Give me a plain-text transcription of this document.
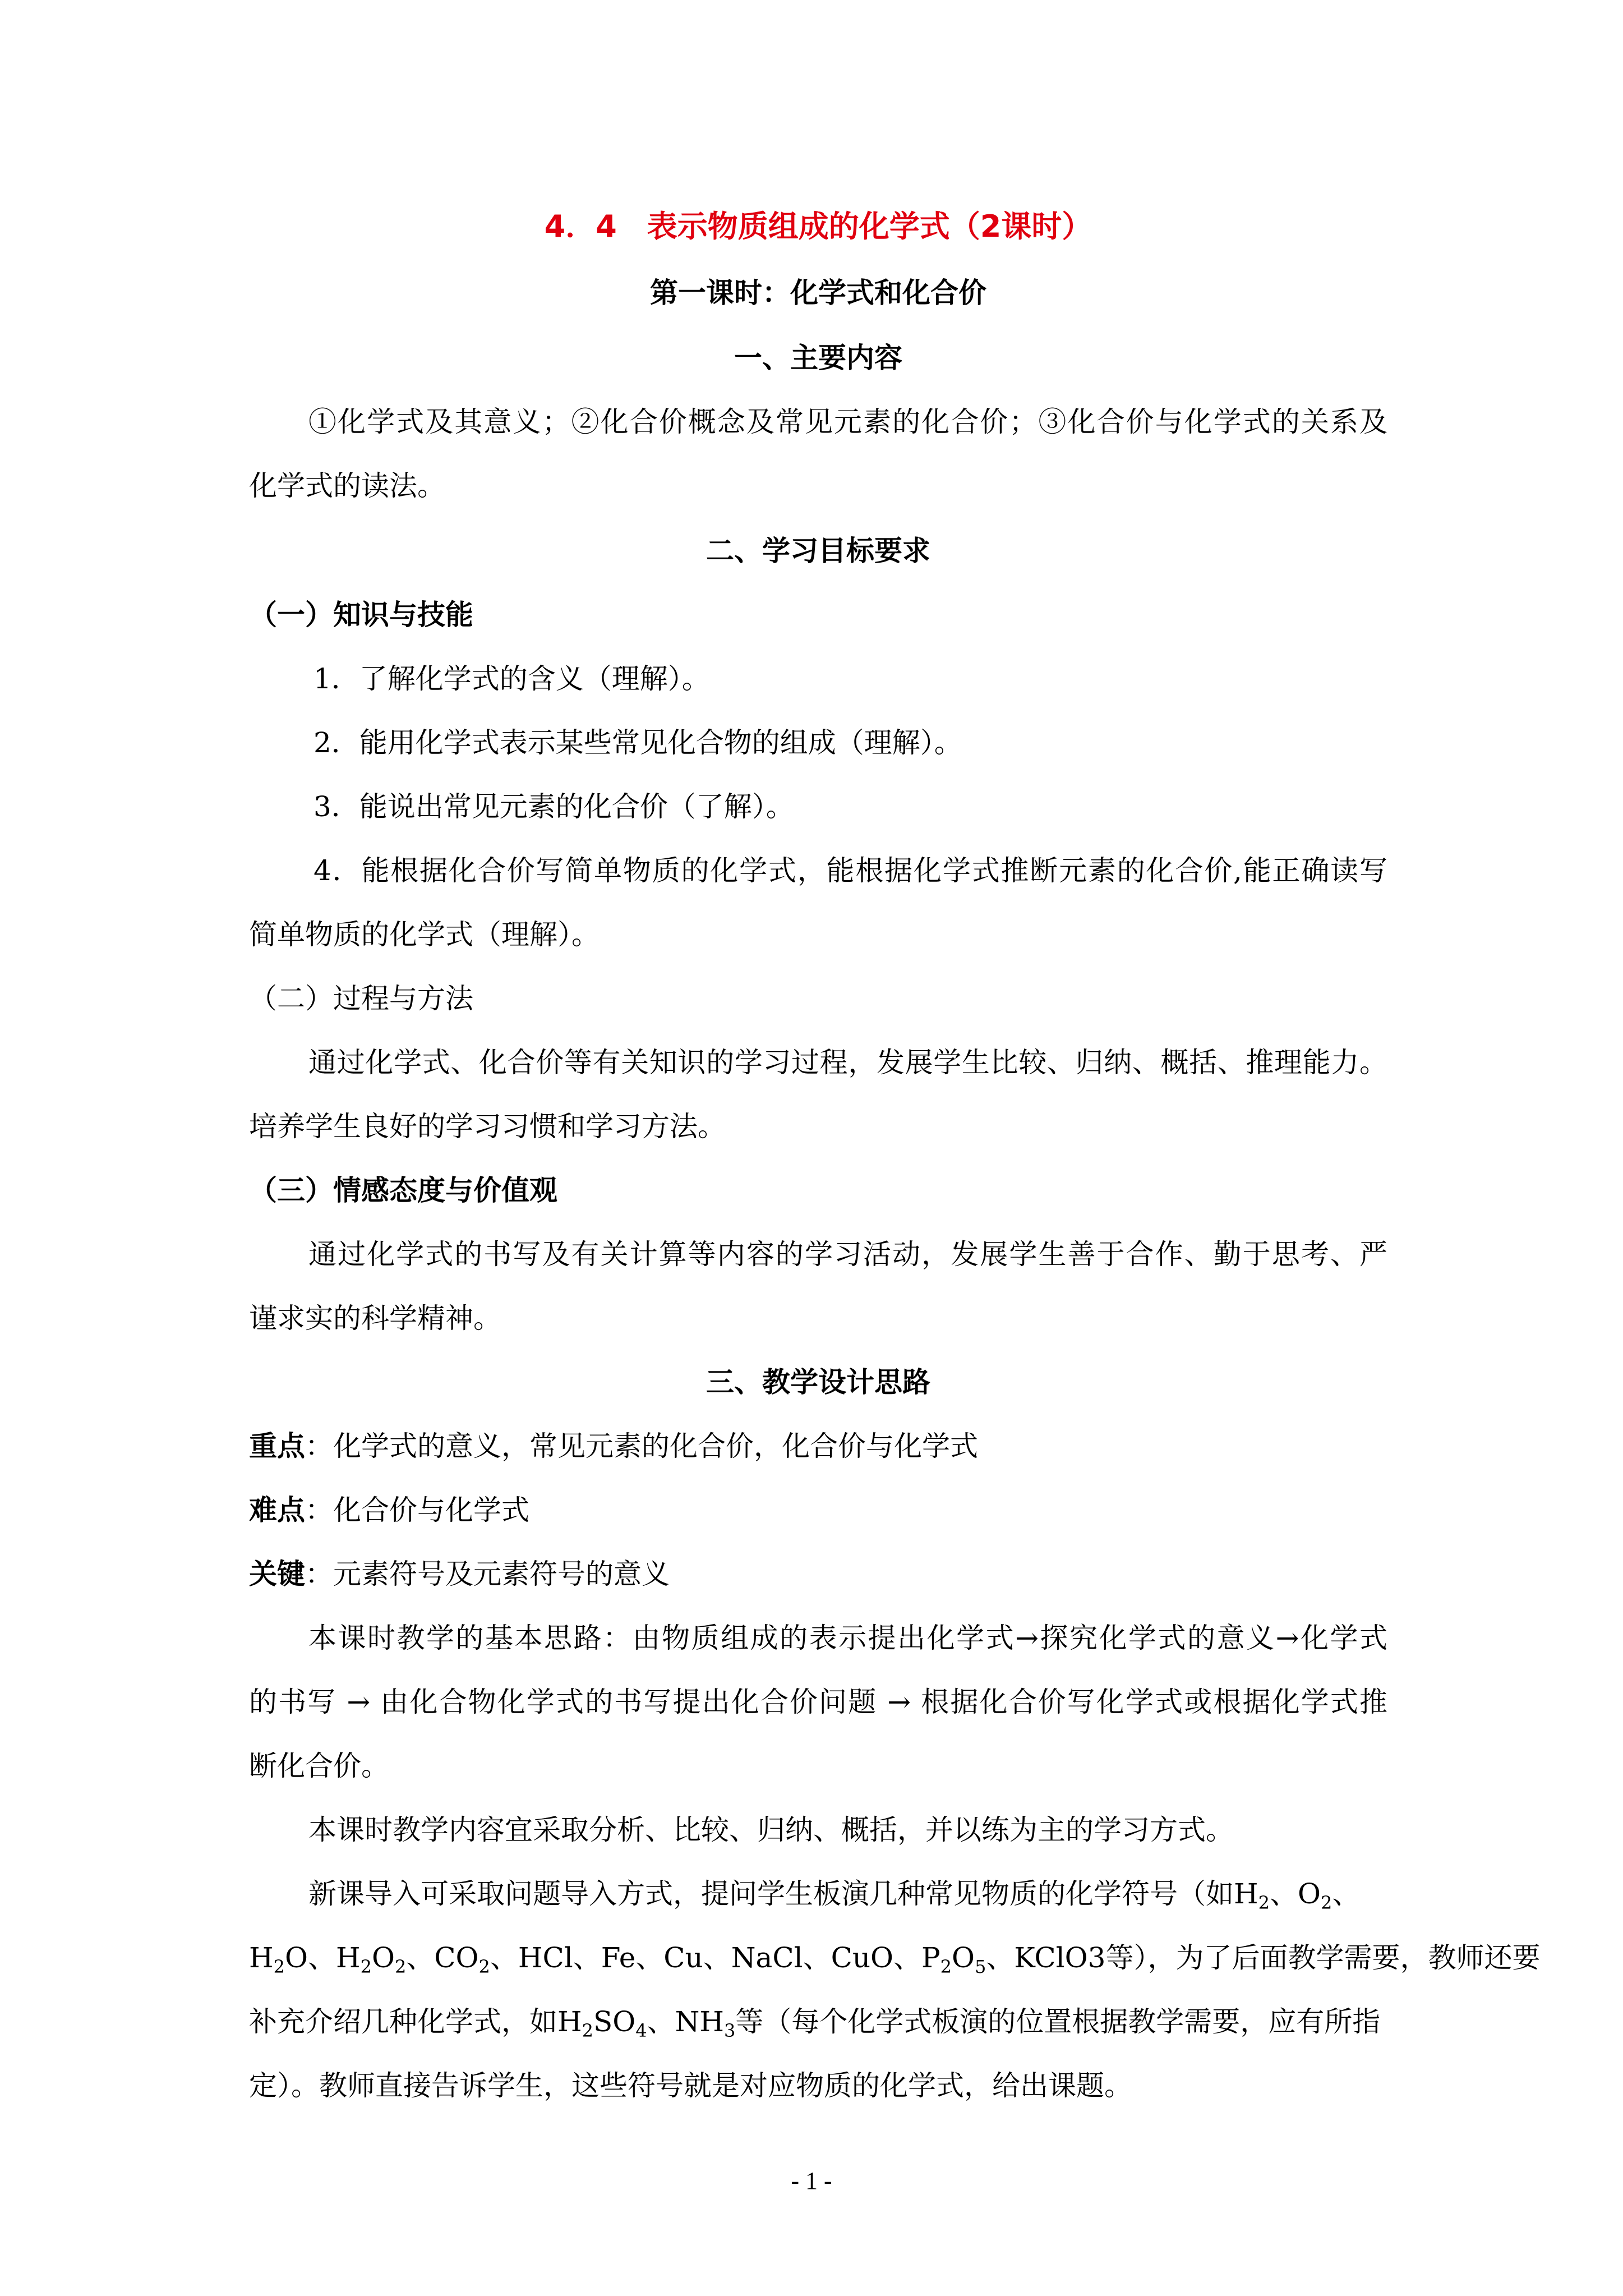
4．4　表示物质组成的化学式（2课时）
第一课时：化学式和化合价
一、主要内容
①化学式及其意义；②化合价概念及常见元素的化合价；③化合价与化学式的关系及
化学式的读法。
二、学习目标要求
（一）知识与技能
1．了解化学式的含义（理解）。
2．能用化学式表示某些常见化合物的组成（理解）。
3．能说出常见元素的化合价（了解）。
4．能根据化合价写简单物质的化学式，能根据化学式推断元素的化合价,能正确读写
简单物质的化学式（理解）。
（二）过程与方法
通过化学式、化合价等有关知识的学习过程，发展学生比较、归纳、概括、推理能力。
培养学生良好的学习习惯和学习方法。
（三）情感态度与价值观
通过化学式的书写及有关计算等内容的学习活动，发展学生善于合作、勤于思考、严
谨求实的科学精神。
三、教学设计思路
重点：化学式的意义，常见元素的化合价，化合价与化学式
难点：化合价与化学式
关键：元素符号及元素符号的意义
本课时教学的基本思路：由物质组成的表示提出化学式→探究化学式的意义→化学式
的书写 → 由化合物化学式的书写提出化合价问题 → 根据化合价写化学式或根据化学式推
断化合价。
本课时教学内容宜采取分析、比较、归纳、概括，并以练为主的学习方式。
新课导入可采取问题导入方式，提问学生板演几种常见物质的化学符号（如$H_2$、$O_2$、
$H_2O$、$H_2O_2$、$CO_2$、HCl、Fe、Cu、NaCl、CuO、$P_2O_5$、KClO3等），为了后面教学需要，教师还要
补充介绍几种化学式，如$H_2SO_4$、$NH_3$等（每个化学式板演的位置根据教学需要，应有所指
定）。教师直接告诉学生，这些符号就是对应物质的化学式，给出课题。
- 1 -
